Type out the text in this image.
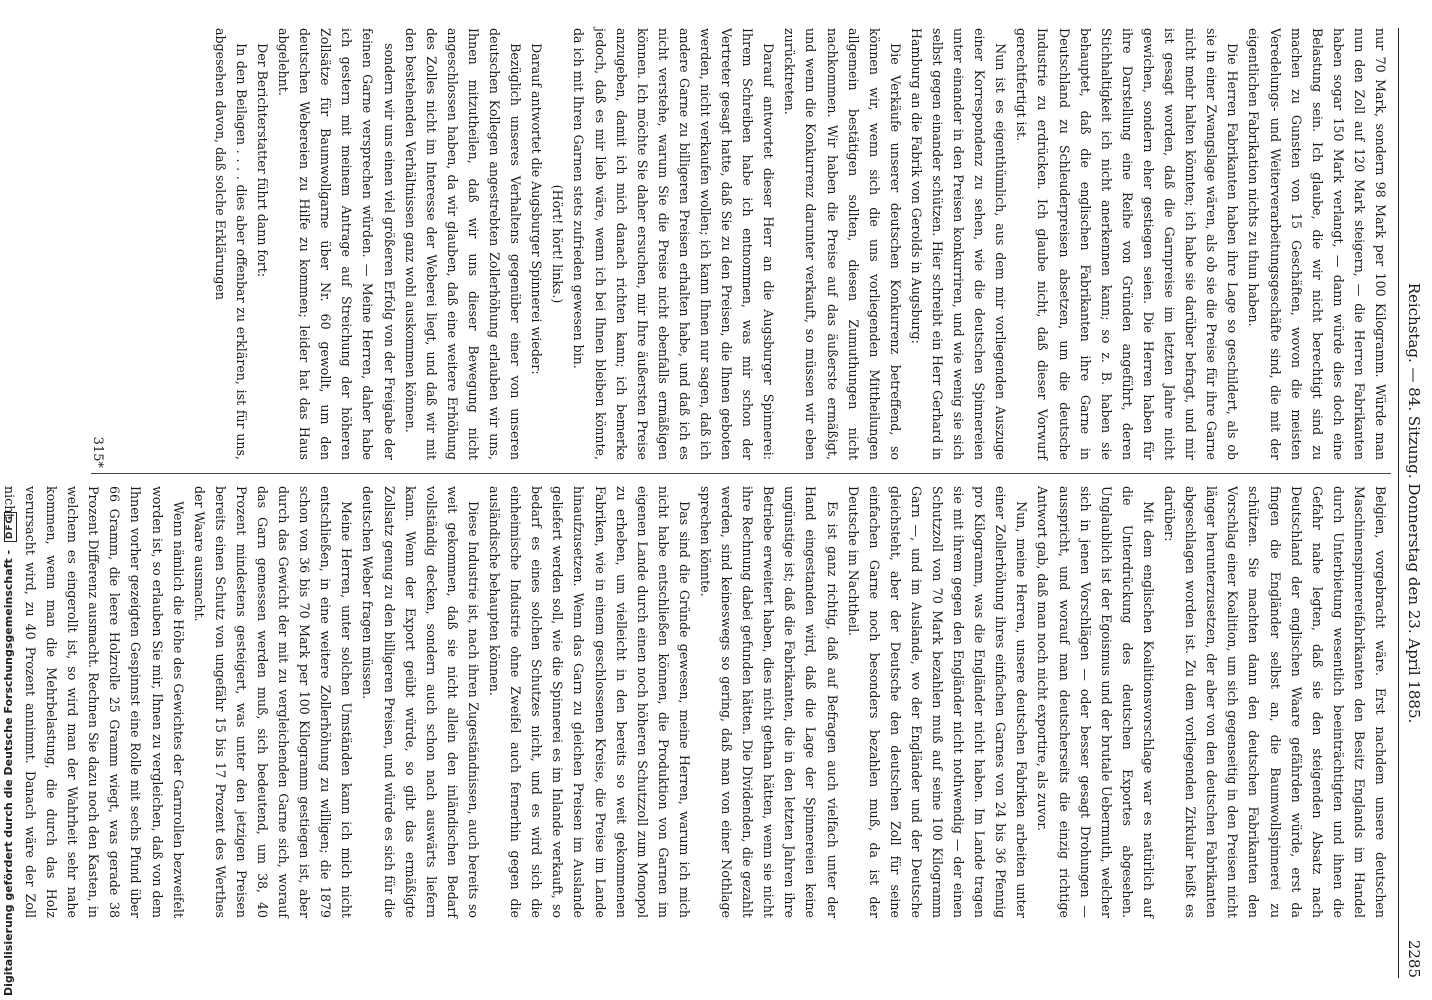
Reichstag. — 84. Sitzung. Donnerstag den 23. April 1885.
2285

nur 70 Mark, sondern 98 Mark per 100 Kilogramm. Würde man nun den Zoll auf 120 Mark steigern, — die Herren Fabrikanten haben sogar 150 Mark verlangt, — dann würde dies doch eine Belastung sein. Ich glaube, die wir nicht berechtigt sind zu machen zu Gunsten von 15 Geschäften, wovon die meisten Veredelungs- und Weiterverarbeitungsgeschäfte sind, die mit der eigentlichen Fabrikation nichts zu thun haben.

Die Herren Fabrikanten haben ihre Lage so geschildert, als ob sie in einer Zwangslage wären, als ob sie die Preise für ihre Garne nicht mehr halten könnten; ich habe sie darüber befragt, und mir ist gesagt worden, daß die Garnpreise im letzten Jahre nicht gewichen, sondern eher gestiegen seien. Die Herren haben für ihre Darstellung eine Reihe von Gründen angeführt, deren Stichhaltigkeit ich nicht anerkennen kann; so z. B. haben sie behauptet, daß die englischen Fabrikanten ihre Garne in Deutschland zu Schleuderpreisen absetzen, um die deutsche Industrie zu erdrücken. Ich glaube nicht, daß dieser Vorwurf gerechtfertigt ist.

Nun ist es eigenthümlich, aus dem mir vorliegenden Auszuge einer Korrespondenz zu sehen, wie die deutschen Spinnereien unter einander in den Preisen konkurriren, und wie wenig sie sich selbst gegen einander schützen. Hier schreibt ein Herr Gerhard in Hamburg an die Fabrik von Gerolds in Augsburg:

Die Verkäufe unserer deutschen Konkurrenz betreffend, so können wir, wenn sich die uns vorliegenden Mittheilungen allgemein bestätigen sollten, diesen Zumuthungen nicht nachkommen. Wir haben die Preise auf das äußerste ermäßigt, und wenn die Konkurrenz darunter verkauft, so müssen wir eben zurücktreten.

Darauf antwortet dieser Herr an die Augsburger Spinnerei: Ihrem Schreiben habe ich entnommen, was mir schon der Vertreter gesagt hatte, daß Sie zu den Preisen, die Ihnen geboten werden, nicht verkaufen wollen; ich kann Ihnen nur sagen, daß ich andere Garne zu billigeren Preisen erhalten habe, und daß ich es nicht verstehe, warum Sie die Preise nicht ebenfalls ermäßigen können. Ich möchte Sie daher ersuchen, mir Ihre äußersten Preise anzugeben, damit ich mich danach richten kann; ich bemerke jedoch, daß es mir lieb wäre, wenn ich bei Ihnen bleiben könnte, da ich mit Ihren Garnen stets zufrieden gewesen bin.

(Hört! hört! links.)

Darauf antwortet die Augsburger Spinnerei wieder:

Bezüglich unseres Verhaltens gegenüber einer von unseren deutschen Kollegen angestrebten Zollerhöhung erlauben wir uns, Ihnen mitzutheilen, daß wir uns dieser Bewegung nicht angeschlossen haben, da wir glauben, daß eine weitere Erhöhung des Zolles nicht im Interesse der Weberei liegt, und daß wir mit den bestehenden Verhältnissen ganz wohl auskommen können.

sondern wir uns einen viel größeren Erfolg von der Freigabe der feinen Garne versprechen würden. — Meine Herren, daher habe ich gestern mit meinem Antrage auf Streichung der höheren Zollsätze für Baumwollgarne über Nr. 60 gewollt, um den deutschen Webereien zu Hilfe zu kommen; leider hat das Haus abgelehnt.

Der Berichterstatter führt dann fort:

In den Beilagen . . . . dies aber offenbar zu erklären, ist für uns, abgesehen davon, daß solche Erklärungen

Belgien, vorgebracht wäre. Erst nachdem unsere deutschen Maschinenspinnereifabrikanten den Besitz Englands im Handel durch Unterbietung wesentlich beeinträchtigten und ihnen die Gefahr nahe legten, daß sie den steigenden Absatz nach Deutschland der englischen Waare gefährden würde, erst da fingen die Engländer selbst an, die Baumwollspinnerei zu schützen. Sie machten dann den deutschen Fabrikanten den Vorschlag einer Koalition, um sich gegenseitig in den Preisen nicht länger herunterzusetzen, der aber von den deutschen Fabrikanten abgeschlagen worden ist. Zu dem vorliegenden Zirkular heißt es darüber:

Mit dem englischen Koalitionsvorschlage war es natürlich auf die Unterdrückung des deutschen Exportes abgesehen. Unglaublich ist der Egoismus und der brutale Uebermuth, welcher sich in jenen Vorschlägen — oder besser gesagt Drohungen — ausspricht, und worauf man deutscherseits die einzig richtige Antwort gab, daß man noch nicht exportire, als zuvor.

Nun, meine Herren, unsere deutschen Fabriken arbeiten unter einer Zollerhöhung ihres einfachen Garnes von 24 bis 36 Pfennig pro Kilogramm, was die Engländer nicht haben. Im Lande tragen sie mit ihrem gegen den Engländer nicht nothwendig — der einen Schutzzoll von 70 Mark bezahlen muß auf seine 100 Kilogramm Garn —, und im Auslande, wo der Engländer und der Deutsche gleichsteht, aber der Deutsche den deutschen Zoll für seine einfachen Garne noch besonders bezahlen muß, da ist der Deutsche im Nachtheil.

Es ist ganz richtig, daß auf Befragen auch vielfach unter der Hand eingestanden wird, daß die Lage der Spinnereien keine ungünstige ist; daß die Fabrikanten, die in den letzten Jahren ihre Betriebe erweitert haben, dies nicht gethan hätten, wenn sie nicht ihre Rechnung dabei gefunden hätten. Die Dividenden, die gezahlt werden, sind keineswegs so gering, daß man von einer Nothlage sprechen könnte.

Das sind die Gründe gewesen, meine Herren, warum ich mich nicht habe entschließen können, die Produktion von Garnen im eigenen Lande durch einen noch höheren Schutzzoll zum Monopol zu erheben, um vielleicht in den bereits so weit gekommenen Fabriken, wie in einem geschlossenen Kreise, die Preise im Lande hinaufzusetzen. Wenn das Garn zu gleichen Preisen im Auslande geliefert werden soll, wie die Spinnerei es im Inlande verkauft, so bedarf es eines solchen Schutzes nicht, und es wird sich die einheimische Industrie ohne Zweifel auch fernerhin gegen die ausländische behaupten können.

Diese Industrie ist, nach ihren Zugeständnissen, auch bereits so weit gekommen, daß sie nicht allein den inländischen Bedarf vollständig decken, sondern auch schon nach auswärts liefern kann. Wenn der Export geübt würde, so gibt das ermäßigte Zollsatz genug zu den billigeren Preisen, und würde es sich für die deutschen Weber fragen müssen.

Meine Herren, unter solchen Umständen kann ich mich nicht entschließen, in eine weitere Zollerhöhung zu willigen; die 1879 schon von 36 bis 70 Mark per 100 Kilogramm gestiegen ist, aber durch das Gewicht der mit zu vergleichenden Garne sich, worauf das Garn gemessen werden muß, sich bedeutend, um 38, 40 Prozent mindestens gesteigert, was unter den jetzigen Preisen bereits einen Schutz von ungefähr 15 bis 17 Prozent des Werthes der Waare ausmacht.

Wenn nämlich die Höhe des Gewichtes der Garnrollen bezweifelt worden ist, so erlauben Sie mir, Ihnen zu vergleichen, daß von dem Ihnen vorher gezeigten Gespinnst eine Rolle mit sechs Pfund über 66 Gramm, die leere Holzrolle 25 Gramm wiegt, was gerade 38 Prozent Differenz ausmacht. Rechnen Sie dazu noch den Kasten, in welchem es eingerollt ist, so wird man der Wahrheit sehr nahe kommen, wenn man die Mehrbelastung, die durch das Holz verursacht wird, zu 40 Prozent annimmt. Danach wäre der Zoll nicht

315*
Digitalisierung gefördert durch die Deutsche Forschungsgemeinschaft - DFG
